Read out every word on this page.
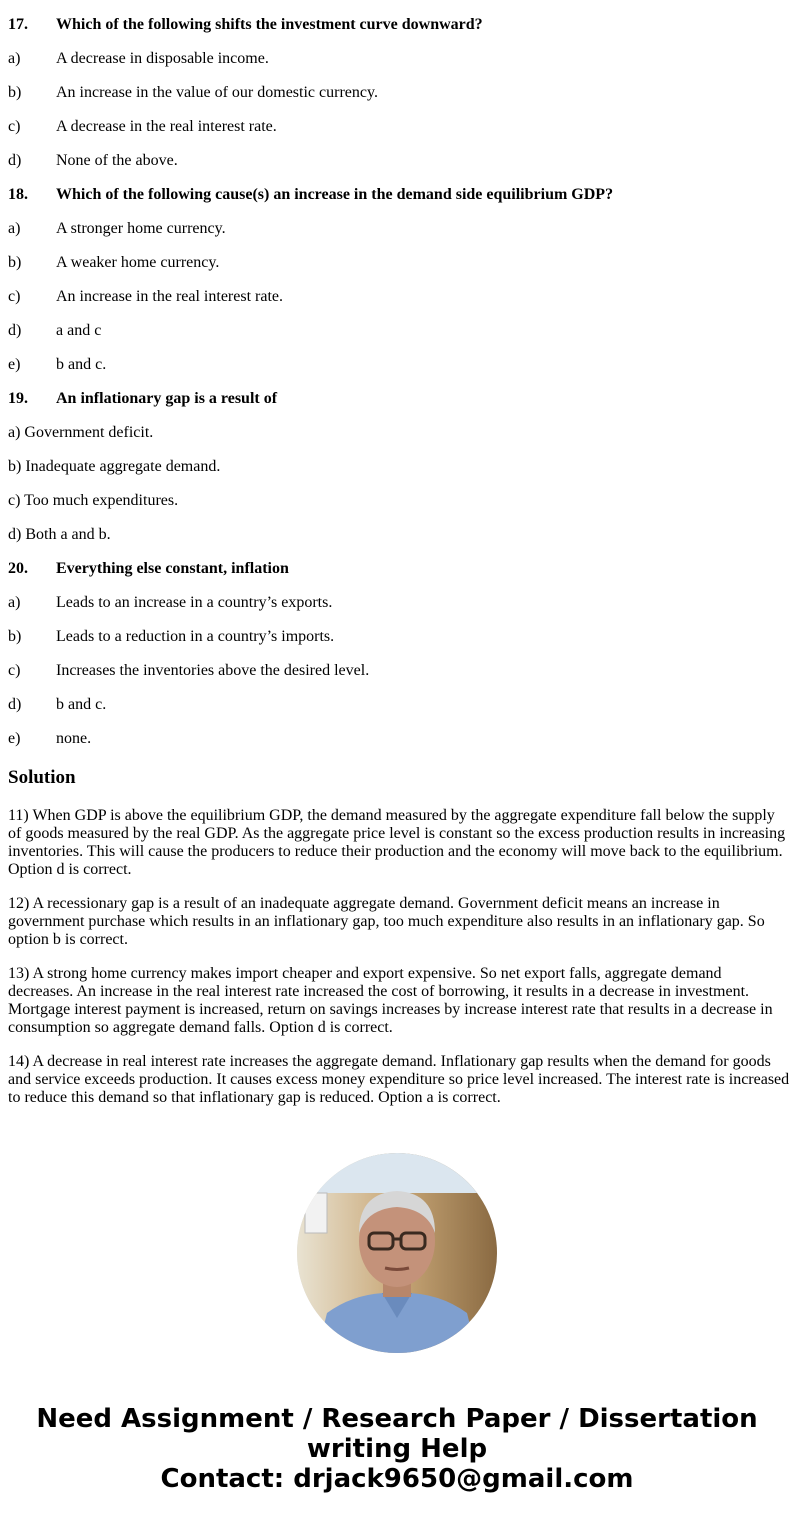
17. Which of the following shifts the investment curve downward?
a) A decrease in disposable income.
b) An increase in the value of our domestic currency.
c) A decrease in the real interest rate.
d) None of the above.
18. Which of the following cause(s) an increase in the demand side equilibrium GDP?
a) A stronger home currency.
b) A weaker home currency.
c) An increase in the real interest rate.
d) a and c
e) b and c.
19. An inflationary gap is a result of
a) Government deficit.
b) Inadequate aggregate demand.
c) Too much expenditures.
d) Both a and b.
20. Everything else constant, inflation
a) Leads to an increase in a country’s exports.
b) Leads to a reduction in a country’s imports.
c) Increases the inventories above the desired level.
d) b and c.
e) none.
Solution

11) When GDP is above the equilibrium GDP, the demand measured by the aggregate expenditure fall below the supply of goods measured by the real GDP. As the aggregate price level is constant so the excess production results in increasing inventories. This will cause the producers to reduce their production and the economy will move back to the equilibrium. Option d is correct.

12) A recessionary gap is a result of an inadequate aggregate demand. Government deficit means an increase in government purchase which results in an inflationary gap, too much expenditure also results in an inflationary gap. So option b is correct.

13) A strong home currency makes import cheaper and export expensive. So net export falls, aggregate demand decreases. An increase in the real interest rate increased the cost of borrowing, it results in a decrease in investment. Mortgage interest payment is increased, return on savings increases by increase interest rate that results in a decrease in consumption so aggregate demand falls. Option d is correct.

14) A decrease in real interest rate increases the aggregate demand. Inflationary gap results when the demand for goods and service exceeds production. It causes excess money expenditure so price level increased. The interest rate is increased to reduce this demand so that inflationary gap is reduced. Option a is correct.

Need Assignment / Research Paper / Dissertation
writing Help
Contact: drjack9650@gmail.com
